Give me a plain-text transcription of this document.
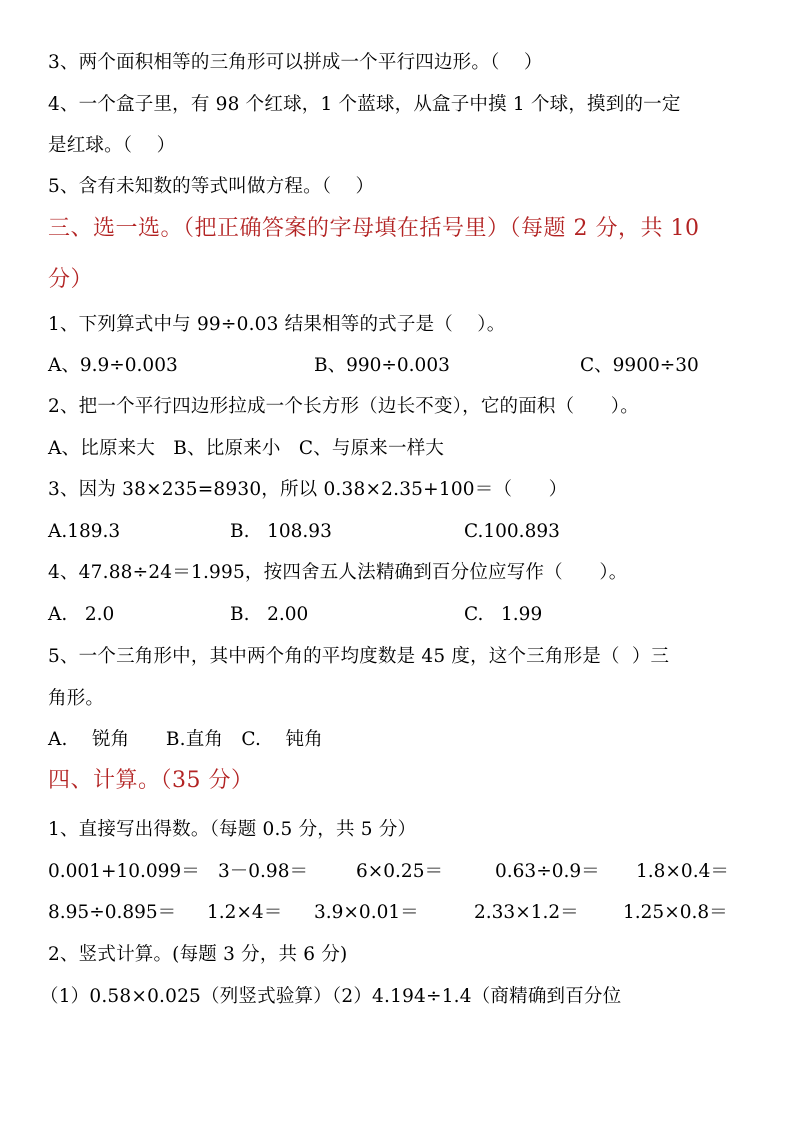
3、两个面积相等的三角形可以拼成一个平行四边形。（    ）
4、一个盒子里，有 98 个红球，1 个蓝球，从盒子中摸 1 个球，摸到的一定
是红球。（    ）
5、含有未知数的等式叫做方程。（    ）
三、选一选。（把正确答案的字母填在括号里）（每题 2 分，共 10
分）
1、下列算式中与 99÷0.03 结果相等的式子是（    ）。
A、9.9÷0.003	B、990÷0.003	C、9900÷30
2、把一个平行四边形拉成一个长方形（边长不变），它的面积（      ）。
A、比原来大   B、比原来小   C、与原来一样大
3、因为 38×235=8930，所以 0.38×2.35+100＝（      ）
A.189.3	B.   108.93	C.100.893
4、47.88÷24＝1.995，按四舍五人法精确到百分位应写作（      ）。
A.   2.0	B.   2.00	C.   1.99
5、一个三角形中，其中两个角的平均度数是 45 度，这个三角形是（  ）三
角形。
A.    锐角      B.直角   C.    钝角
四、计算。（35 分）
1、直接写出得数。（每题 0.5 分，共 5 分）
0.001+10.099＝ 3－0.98＝	6×0.25＝	0.63÷0.9＝ 1.8×0.4＝
8.95÷0.895＝ 1.2×4＝ 3.9×0.01＝	2.33×1.2＝ 1.25×0.8＝
2、竖式计算。(每题 3 分，共 6 分)
（1）0.58×0.025（列竖式验算）（2）4.194÷1.4（商精确到百分位
